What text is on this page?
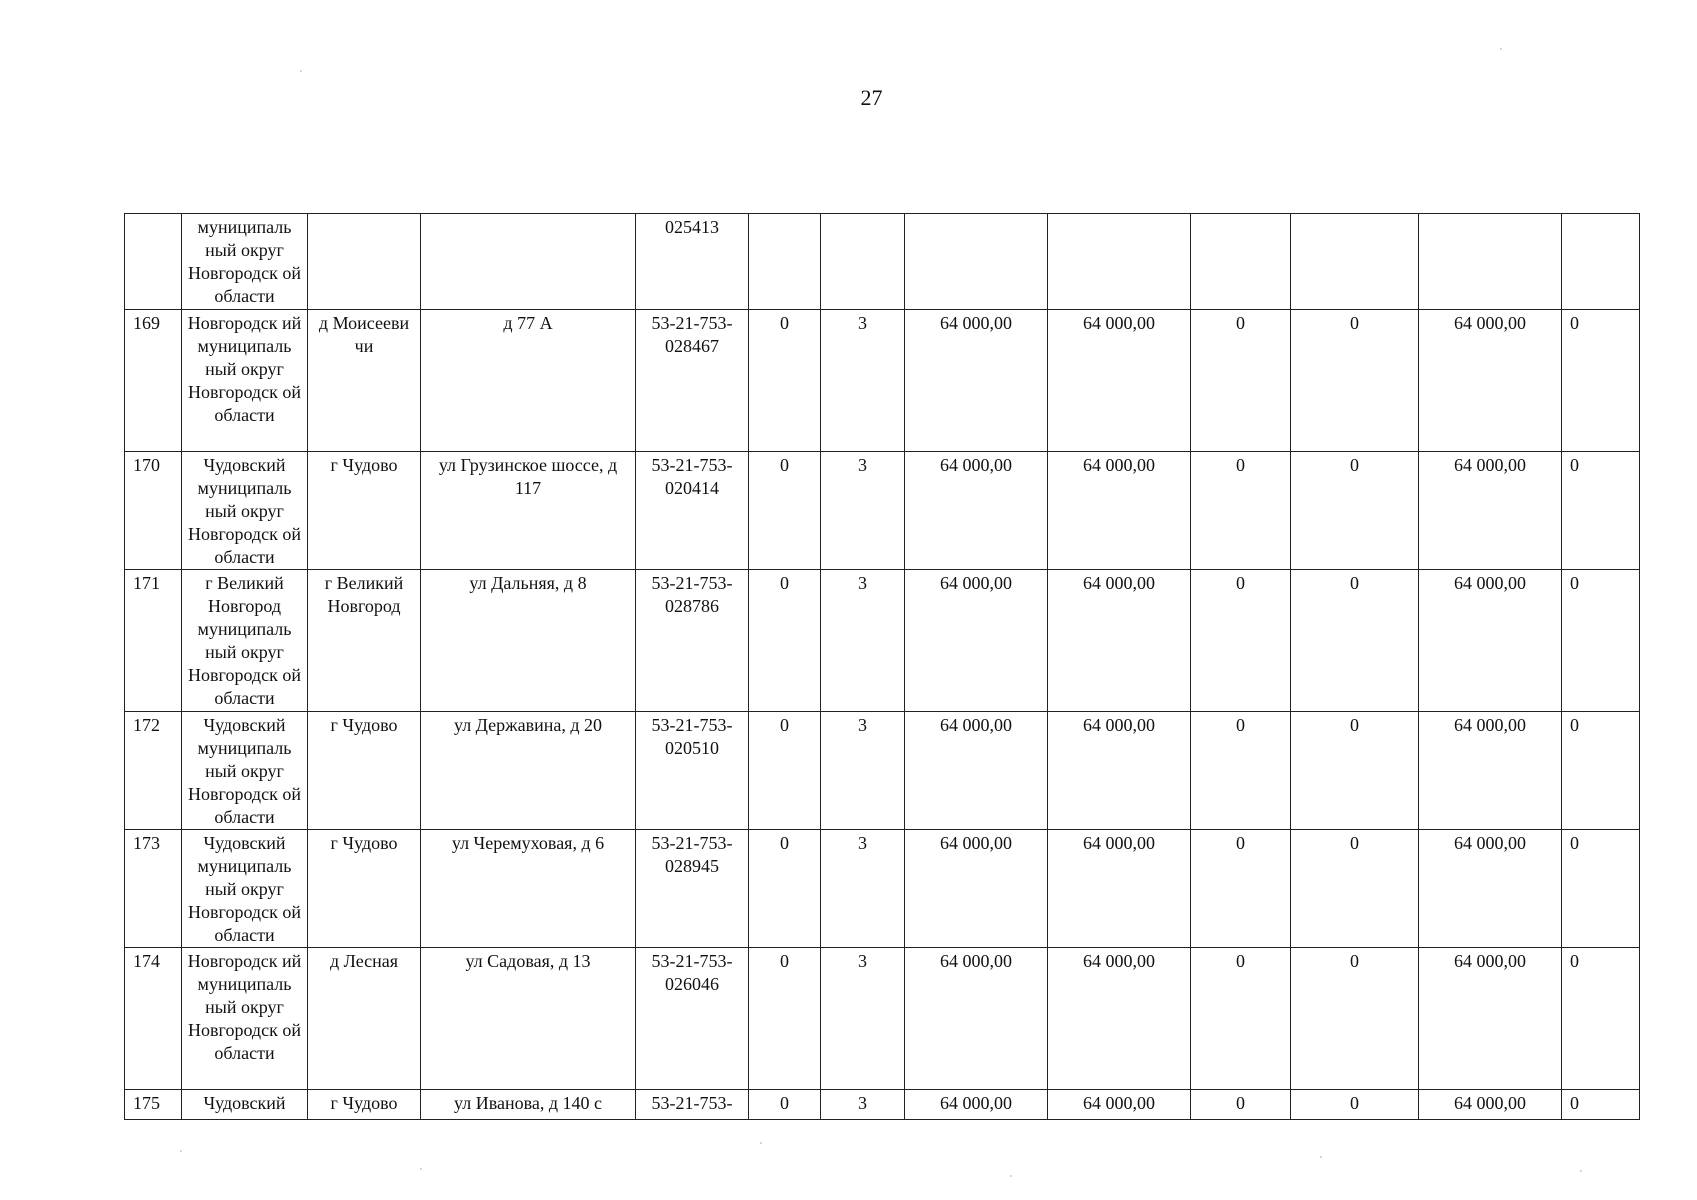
27
	муниципаль ный округ Новгородск ой области			025413								
169	Новгородск ий муниципаль ный округ Новгородск ой области	д Моисееви чи	д 77 А	53-21-753- 028467	0	3	64 000,00	64 000,00	0	0	64 000,00	0
170	Чудовский муниципаль ный округ Новгородск ой области	г Чудово	ул Грузинское шоссе, д 117	53-21-753- 020414	0	3	64 000,00	64 000,00	0	0	64 000,00	0
171	г Великий Новгород муниципаль ный округ Новгородск ой области	г Великий Новгород	ул Дальняя, д 8	53-21-753- 028786	0	3	64 000,00	64 000,00	0	0	64 000,00	0
172	Чудовский муниципаль ный округ Новгородск ой области	г Чудово	ул Державина, д 20	53-21-753- 020510	0	3	64 000,00	64 000,00	0	0	64 000,00	0
173	Чудовский муниципаль ный округ Новгородск ой области	г Чудово	ул Черемуховая, д 6	53-21-753- 028945	0	3	64 000,00	64 000,00	0	0	64 000,00	0
174	Новгородск ий муниципаль ный округ Новгородск ой области	д Лесная	ул Садовая, д 13	53-21-753- 026046	0	3	64 000,00	64 000,00	0	0	64 000,00	0
175	Чудовский	г Чудово	ул Иванова, д 140 с	53-21-753-	0	3	64 000,00	64 000,00	0	0	64 000,00	0
